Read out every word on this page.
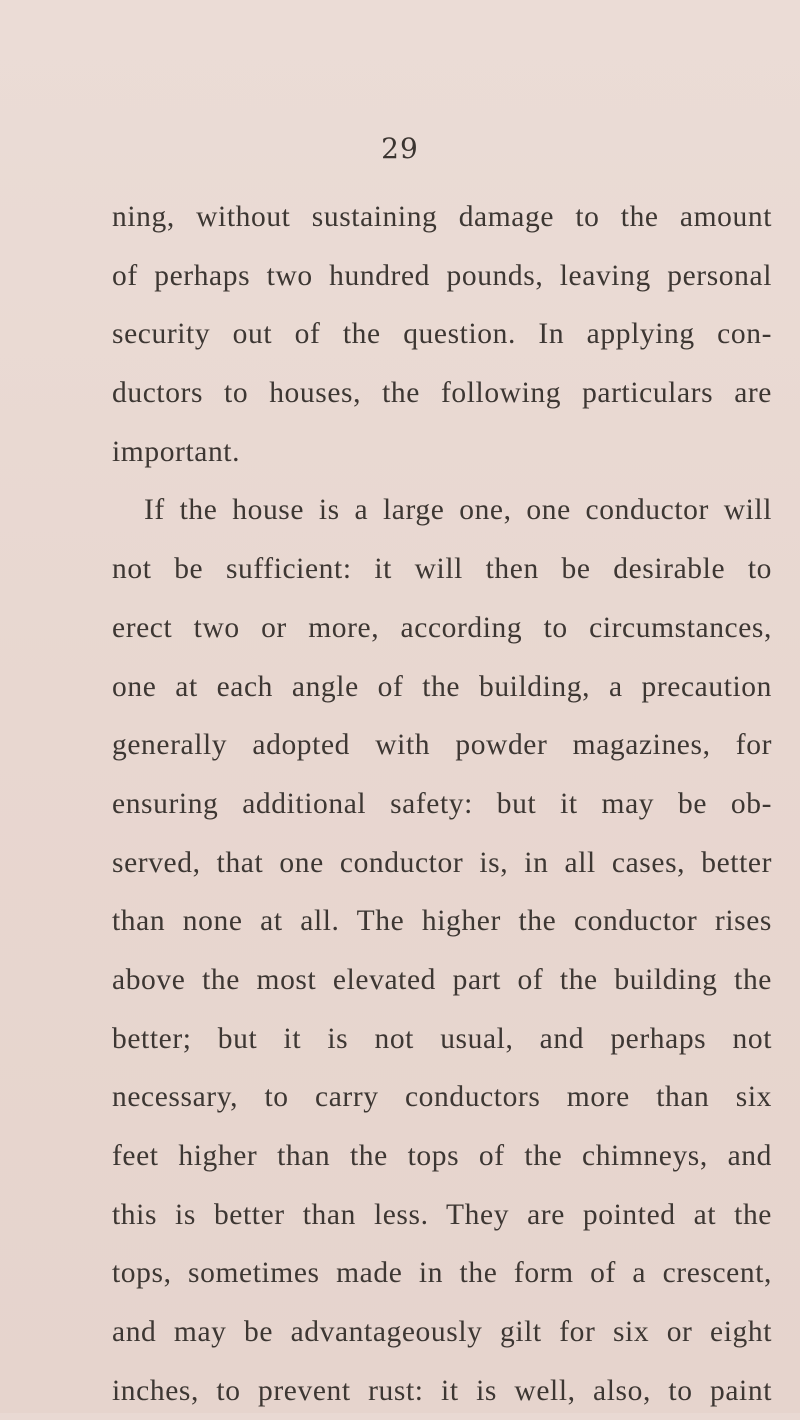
29
ning, without sustaining damage to the amount
of perhaps two hundred pounds, leaving personal
security out of the question. In applying con-
ductors to houses, the following particulars are
important.
If the house is a large one, one conductor will
not be sufficient: it will then be desirable to
erect two or more, according to circumstances,
one at each angle of the building, a precaution
generally adopted with powder magazines, for
ensuring additional safety: but it may be ob-
served, that one conductor is, in all cases, better
than none at all. The higher the conductor rises
above the most elevated part of the building the
better; but it is not usual, and perhaps not
necessary, to carry conductors more than six
feet higher than the tops of the chimneys, and
this is better than less. They are pointed at the
tops, sometimes made in the form of a crescent,
and may be advantageously gilt for six or eight
inches, to prevent rust: it is well, also, to paint
